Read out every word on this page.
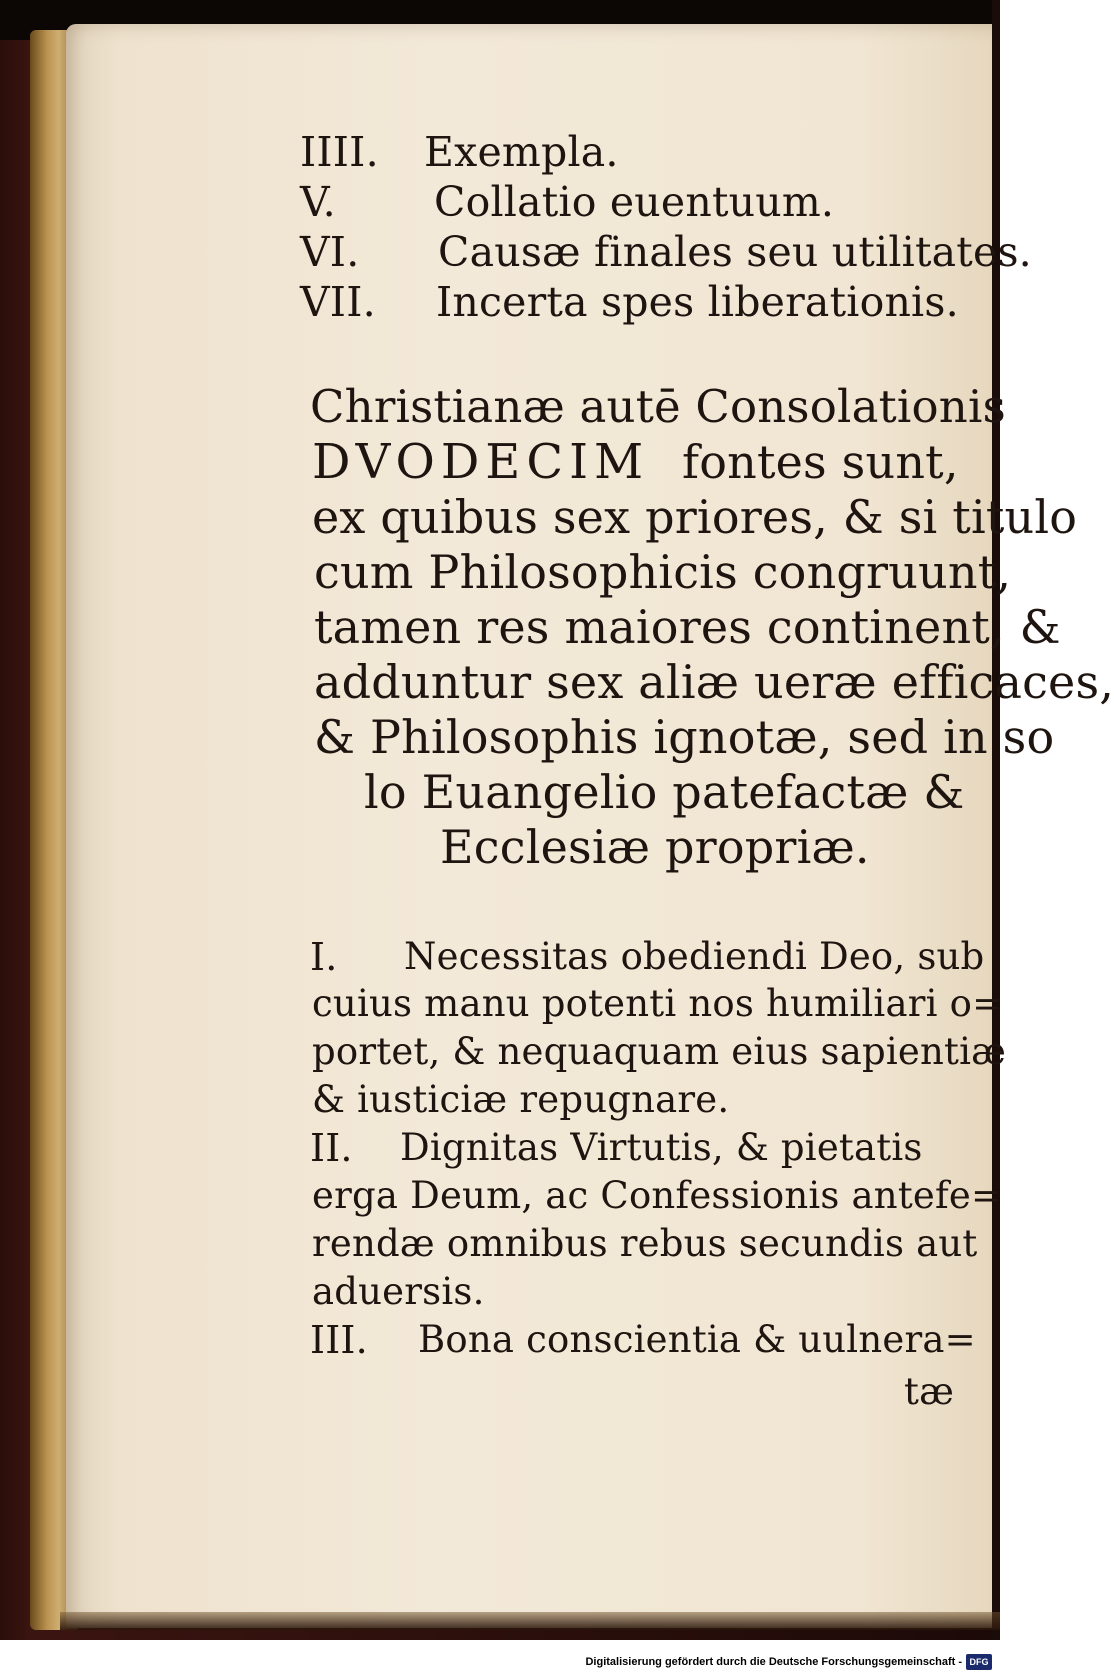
IIII. Exempla.
V. Collatio euentuum.
VI. Causæ finales seu utilitates.
VII. Incerta spes liberationis.
Christianæ autē Consolationis
DVODECIM fontes sunt,
ex quibus sex priores, & si titulo
cum Philosophicis congruunt,
tamen res maiores continent, &
adduntur sex aliæ ueræ efficaces,
& Philosophis ignotæ, sed in so
lo Euangelio patefactæ &
Ecclesiæ propriæ.
I. Necessitas obediendi Deo, sub
cuius manu potenti nos humiliari o=
portet, & nequaquam eius sapientiæ
& iusticiæ repugnare.
II. Dignitas Virtutis, & pietatis
erga Deum, ac Confessionis antefe=
rendæ omnibus rebus secundis aut
aduersis.
III. Bona conscientia & uulnera=
tæ
Digitalisierung gefördert durch die Deutsche Forschungsgemeinschaft - DFG
